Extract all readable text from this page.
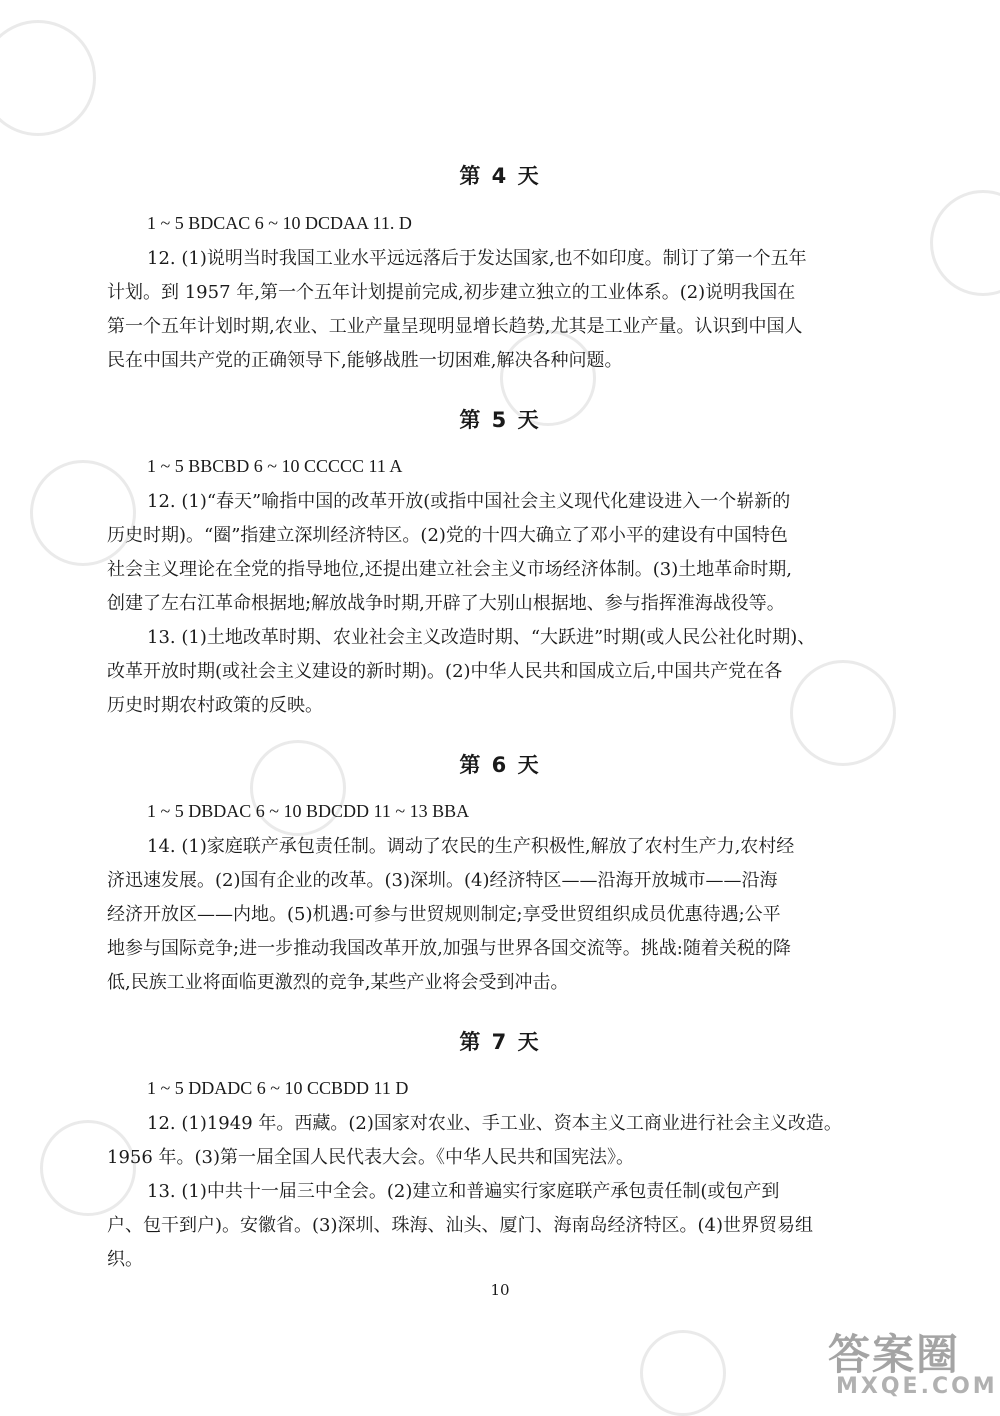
第 4 天
1 ~ 5 BDCAC 6 ~ 10 DCDAA 11. D
12. (1)说明当时我国工业水平远远落后于发达国家,也不如印度。制订了第一个五年
计划。到 1957 年,第一个五年计划提前完成,初步建立独立的工业体系。(2)说明我国在
第一个五年计划时期,农业、工业产量呈现明显增长趋势,尤其是工业产量。认识到中国人
民在中国共产党的正确领导下,能够战胜一切困难,解决各种问题。
第 5 天
1 ~ 5 BBCBD 6 ~ 10 CCCCC 11 A
12. (1)“春天”喻指中国的改革开放(或指中国社会主义现代化建设进入一个崭新的
历史时期)。“圈”指建立深圳经济特区。(2)党的十四大确立了邓小平的建设有中国特色
社会主义理论在全党的指导地位,还提出建立社会主义市场经济体制。(3)土地革命时期,
创建了左右江革命根据地;解放战争时期,开辟了大别山根据地、参与指挥淮海战役等。
13. (1)土地改革时期、农业社会主义改造时期、“大跃进”时期(或人民公社化时期)、
改革开放时期(或社会主义建设的新时期)。(2)中华人民共和国成立后,中国共产党在各
历史时期农村政策的反映。
第 6 天
1 ~ 5 DBDAC 6 ~ 10 BDCDD 11 ~ 13 BBA
14. (1)家庭联产承包责任制。调动了农民的生产积极性,解放了农村生产力,农村经
济迅速发展。(2)国有企业的改革。(3)深圳。(4)经济特区——沿海开放城市——沿海
经济开放区——内地。(5)机遇:可参与世贸规则制定;享受世贸组织成员优惠待遇;公平
地参与国际竞争;进一步推动我国改革开放,加强与世界各国交流等。挑战:随着关税的降
低,民族工业将面临更激烈的竞争,某些产业将会受到冲击。
第 7 天
1 ~ 5 DDADC 6 ~ 10 CCBDD 11 D
12. (1)1949 年。西藏。(2)国家对农业、手工业、资本主义工商业进行社会主义改造。
1956 年。(3)第一届全国人民代表大会。《中华人民共和国宪法》。
13. (1)中共十一届三中全会。(2)建立和普遍实行家庭联产承包责任制(或包产到
户、包干到户)。安徽省。(3)深圳、珠海、汕头、厦门、海南岛经济特区。(4)世界贸易组
织。
10
答案圈
MXQE.COM
